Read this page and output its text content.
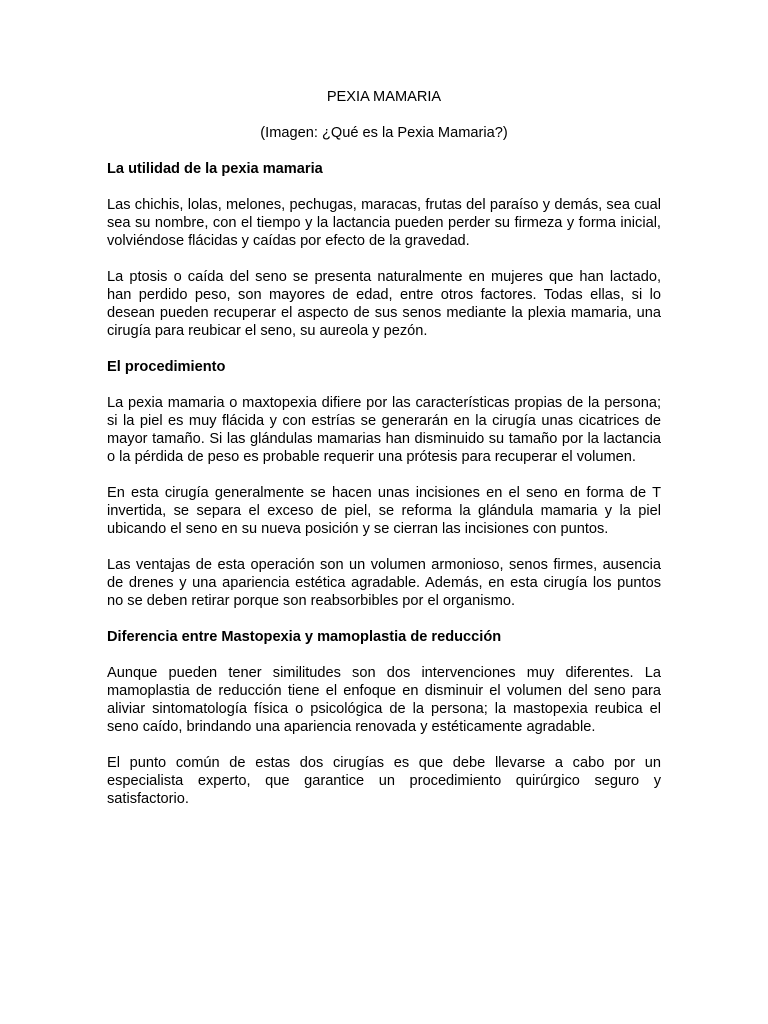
PEXIA MAMARIA

(Imagen: ¿Qué es la Pexia Mamaria?)

La utilidad de la pexia mamaria

Las chichis, lolas, melones, pechugas, maracas, frutas del paraíso y demás, sea cual sea su nombre, con el tiempo y la lactancia pueden perder su firmeza y forma inicial, volviéndose flácidas y caídas por efecto de la gravedad.

La ptosis o caída del seno se presenta naturalmente en mujeres que han lactado, han perdido peso, son mayores de edad, entre otros factores. Todas ellas, si lo desean pueden recuperar el aspecto de sus senos mediante la plexia mamaria, una cirugía para reubicar el seno, su aureola y pezón.

El procedimiento

La pexia mamaria o maxtopexia difiere por las características propias de la persona; si la piel es muy flácida y con estrías se generarán en la cirugía unas cicatrices de mayor tamaño. Si las glándulas mamarias han disminuido su tamaño por la lactancia o la pérdida de peso es probable requerir una prótesis para recuperar el volumen.

En esta cirugía generalmente se hacen unas incisiones en el seno en forma de T invertida, se separa el exceso de piel, se reforma la glándula mamaria y la piel ubicando el seno en su nueva posición y se cierran las incisiones con puntos.

Las ventajas de esta operación son un volumen armonioso, senos firmes, ausencia de drenes y una apariencia estética agradable. Además, en esta cirugía los puntos no se deben retirar porque son reabsorbibles por el organismo.

Diferencia entre Mastopexia y mamoplastia de reducción

Aunque pueden tener similitudes son dos intervenciones muy diferentes. La mamoplastia de reducción tiene el enfoque en disminuir el volumen del seno para aliviar sintomatología física o psicológica de la persona; la mastopexia reubica el seno caído, brindando una apariencia renovada y estéticamente agradable.

El punto común de estas dos cirugías es que debe llevarse a cabo por un especialista experto, que garantice un procedimiento quirúrgico seguro y satisfactorio.
